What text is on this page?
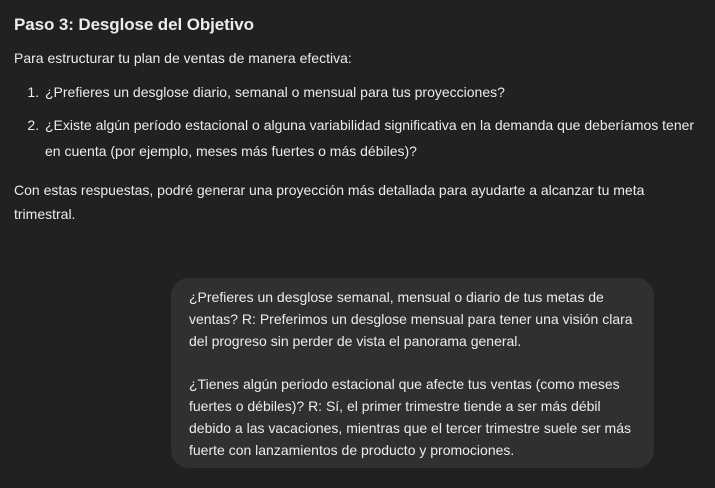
Paso 3: Desglose del Objetivo

Para estructurar tu plan de ventas de manera efectiva:

1. ¿Prefieres un desglose diario, semanal o mensual para tus proyecciones?
2. ¿Existe algún período estacional o alguna variabilidad significativa en la demanda que deberíamos tener en cuenta (por ejemplo, meses más fuertes o más débiles)?

Con estas respuestas, podré generar una proyección más detallada para ayudarte a alcanzar tu meta trimestral.

¿Prefieres un desglose semanal, mensual o diario de tus metas de ventas? R: Preferimos un desglose mensual para tener una visión clara del progreso sin perder de vista el panorama general.

¿Tienes algún periodo estacional que afecte tus ventas (como meses fuertes o débiles)? R: Sí, el primer trimestre tiende a ser más débil debido a las vacaciones, mientras que el tercer trimestre suele ser más fuerte con lanzamientos de producto y promociones.
